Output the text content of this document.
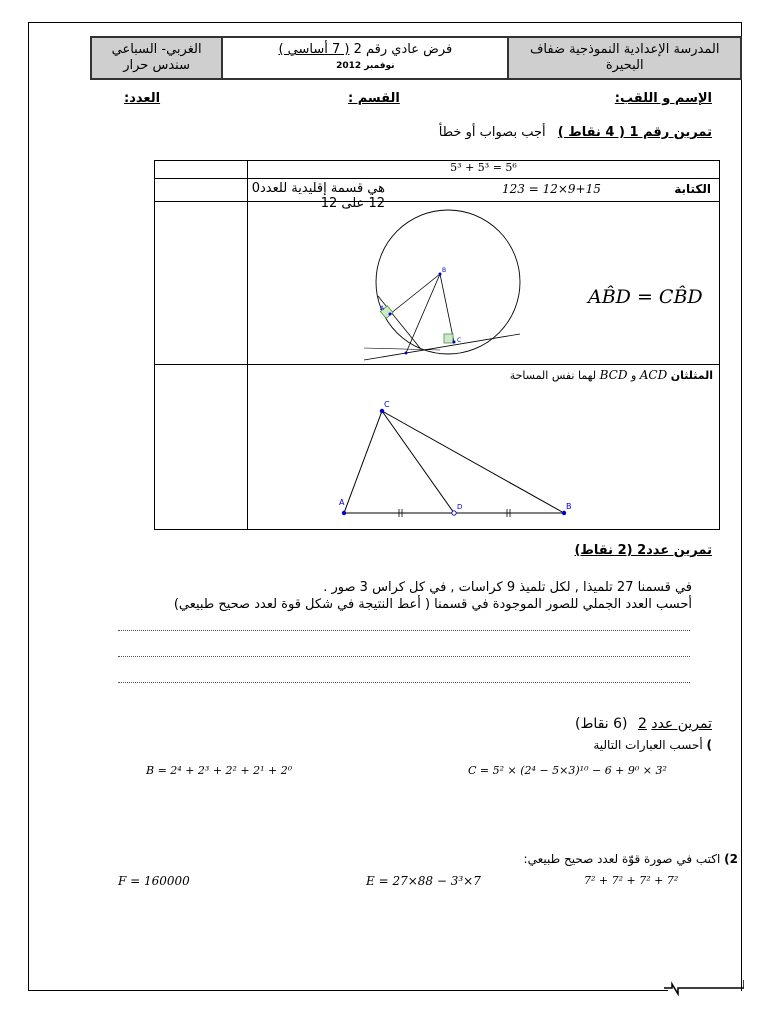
المدرسة الإعدادية النموذجية ضفاف
البحيرة
فرض عادي رقم 2 ( 7 أساسي )
نوفمبر 2012
الغربي- السباعي
سندس حرار
الإسم و اللقب:
القسم :
العدد:
تمرين رقم 1 ( 4 نقاط ) أجب بصواب أو خطأ
	5³ + 5³ = 5⁶

	الكتابة
123 = 12×9+15
هي قسمة إقليدية للعدد0 12 على 12

B
A
C
AB̂D = CB̂D

	المثلثان ACD و BCD لهما نفس المساحة
A B
C
D
تمرين عدد2 (2 نقاط)
في قسمنا 27 تلميذا , لكل تلميذ 9 كراسات , في كل كراس 3 صور .
أحسب العدد الجملي للصور الموجودة في قسمنا ( أعط النتيجة في شكل قوة لعدد صحيح طبيعي)
تمرين عدد 2 (6 نقاط)
) أحسب العبارات التالية
B = 2⁴ + 2³ + 2² + 2¹ + 2⁰	C = 5² × (2⁴ − 5×3)¹⁰ − 6 + 9⁰ × 3²
2) اكتب في صورة قوّة لعدد صحيح طبيعي:
F = 160000	E = 27×88 − 3³×7	7² + 7² + 7² + 7²
